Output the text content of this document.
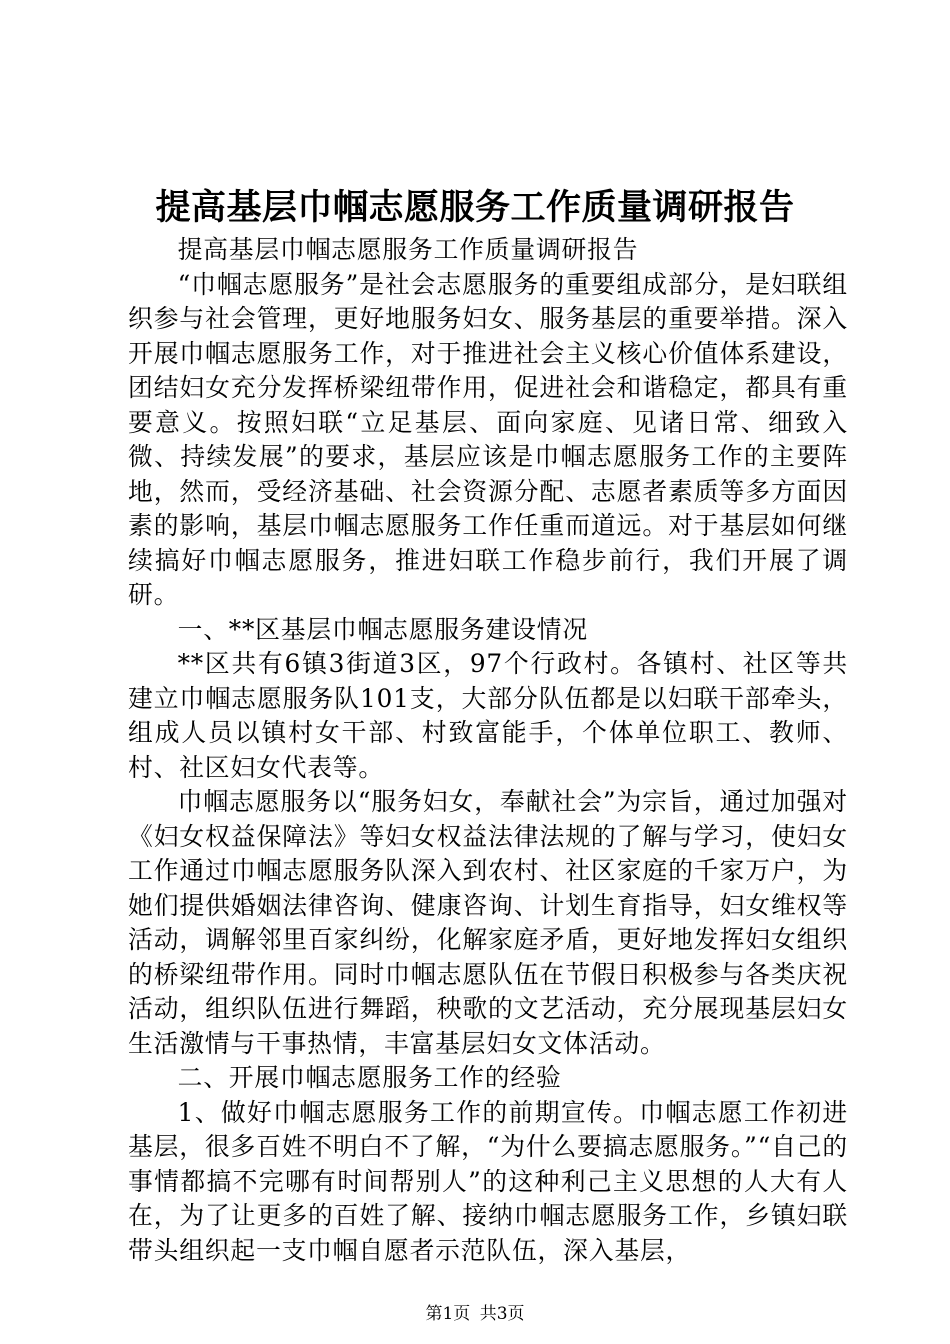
提高基层巾帼志愿服务工作质量调研报告

提高基层巾帼志愿服务工作质量调研报告

“巾帼志愿服务”是社会志愿服务的重要组成部分，是妇联组织参与社会管理，更好地服务妇女、服务基层的重要举措。深入开展巾帼志愿服务工作，对于推进社会主义核心价值体系建设，团结妇女充分发挥桥梁纽带作用，促进社会和谐稳定，都具有重要意义。按照妇联“立足基层、面向家庭、见诸日常、细致入微、持续发展”的要求，基层应该是巾帼志愿服务工作的主要阵地，然而，受经济基础、社会资源分配、志愿者素质等多方面因素的影响，基层巾帼志愿服务工作任重而道远。对于基层如何继续搞好巾帼志愿服务，推进妇联工作稳步前行，我们开展了调研。

一、**区基层巾帼志愿服务建设情况

**区共有6镇3街道3区，97个行政村。各镇村、社区等共建立巾帼志愿服务队101支，大部分队伍都是以妇联干部牵头，组成人员以镇村女干部、村致富能手，个体单位职工、教师、村、社区妇女代表等。

巾帼志愿服务以“服务妇女，奉献社会”为宗旨，通过加强对《妇女权益保障法》等妇女权益法律法规的了解与学习，使妇女工作通过巾帼志愿服务队深入到农村、社区家庭的千家万户，为她们提供婚姻法律咨询、健康咨询、计划生育指导，妇女维权等活动，调解邻里百家纠纷，化解家庭矛盾，更好地发挥妇女组织的桥梁纽带作用。同时巾帼志愿队伍在节假日积极参与各类庆祝活动，组织队伍进行舞蹈，秧歌的文艺活动，充分展现基层妇女生活激情与干事热情，丰富基层妇女文体活动。

二、开展巾帼志愿服务工作的经验

1、做好巾帼志愿服务工作的前期宣传。巾帼志愿工作初进基层，很多百姓不明白不了解，“为什么要搞志愿服务。”“自己的事情都搞不完哪有时间帮别人”的这种利己主义思想的人大有人在，为了让更多的百姓了解、接纳巾帼志愿服务工作，乡镇妇联带头组织起一支巾帼自愿者示范队伍，深入基层，

第1页 共3页
